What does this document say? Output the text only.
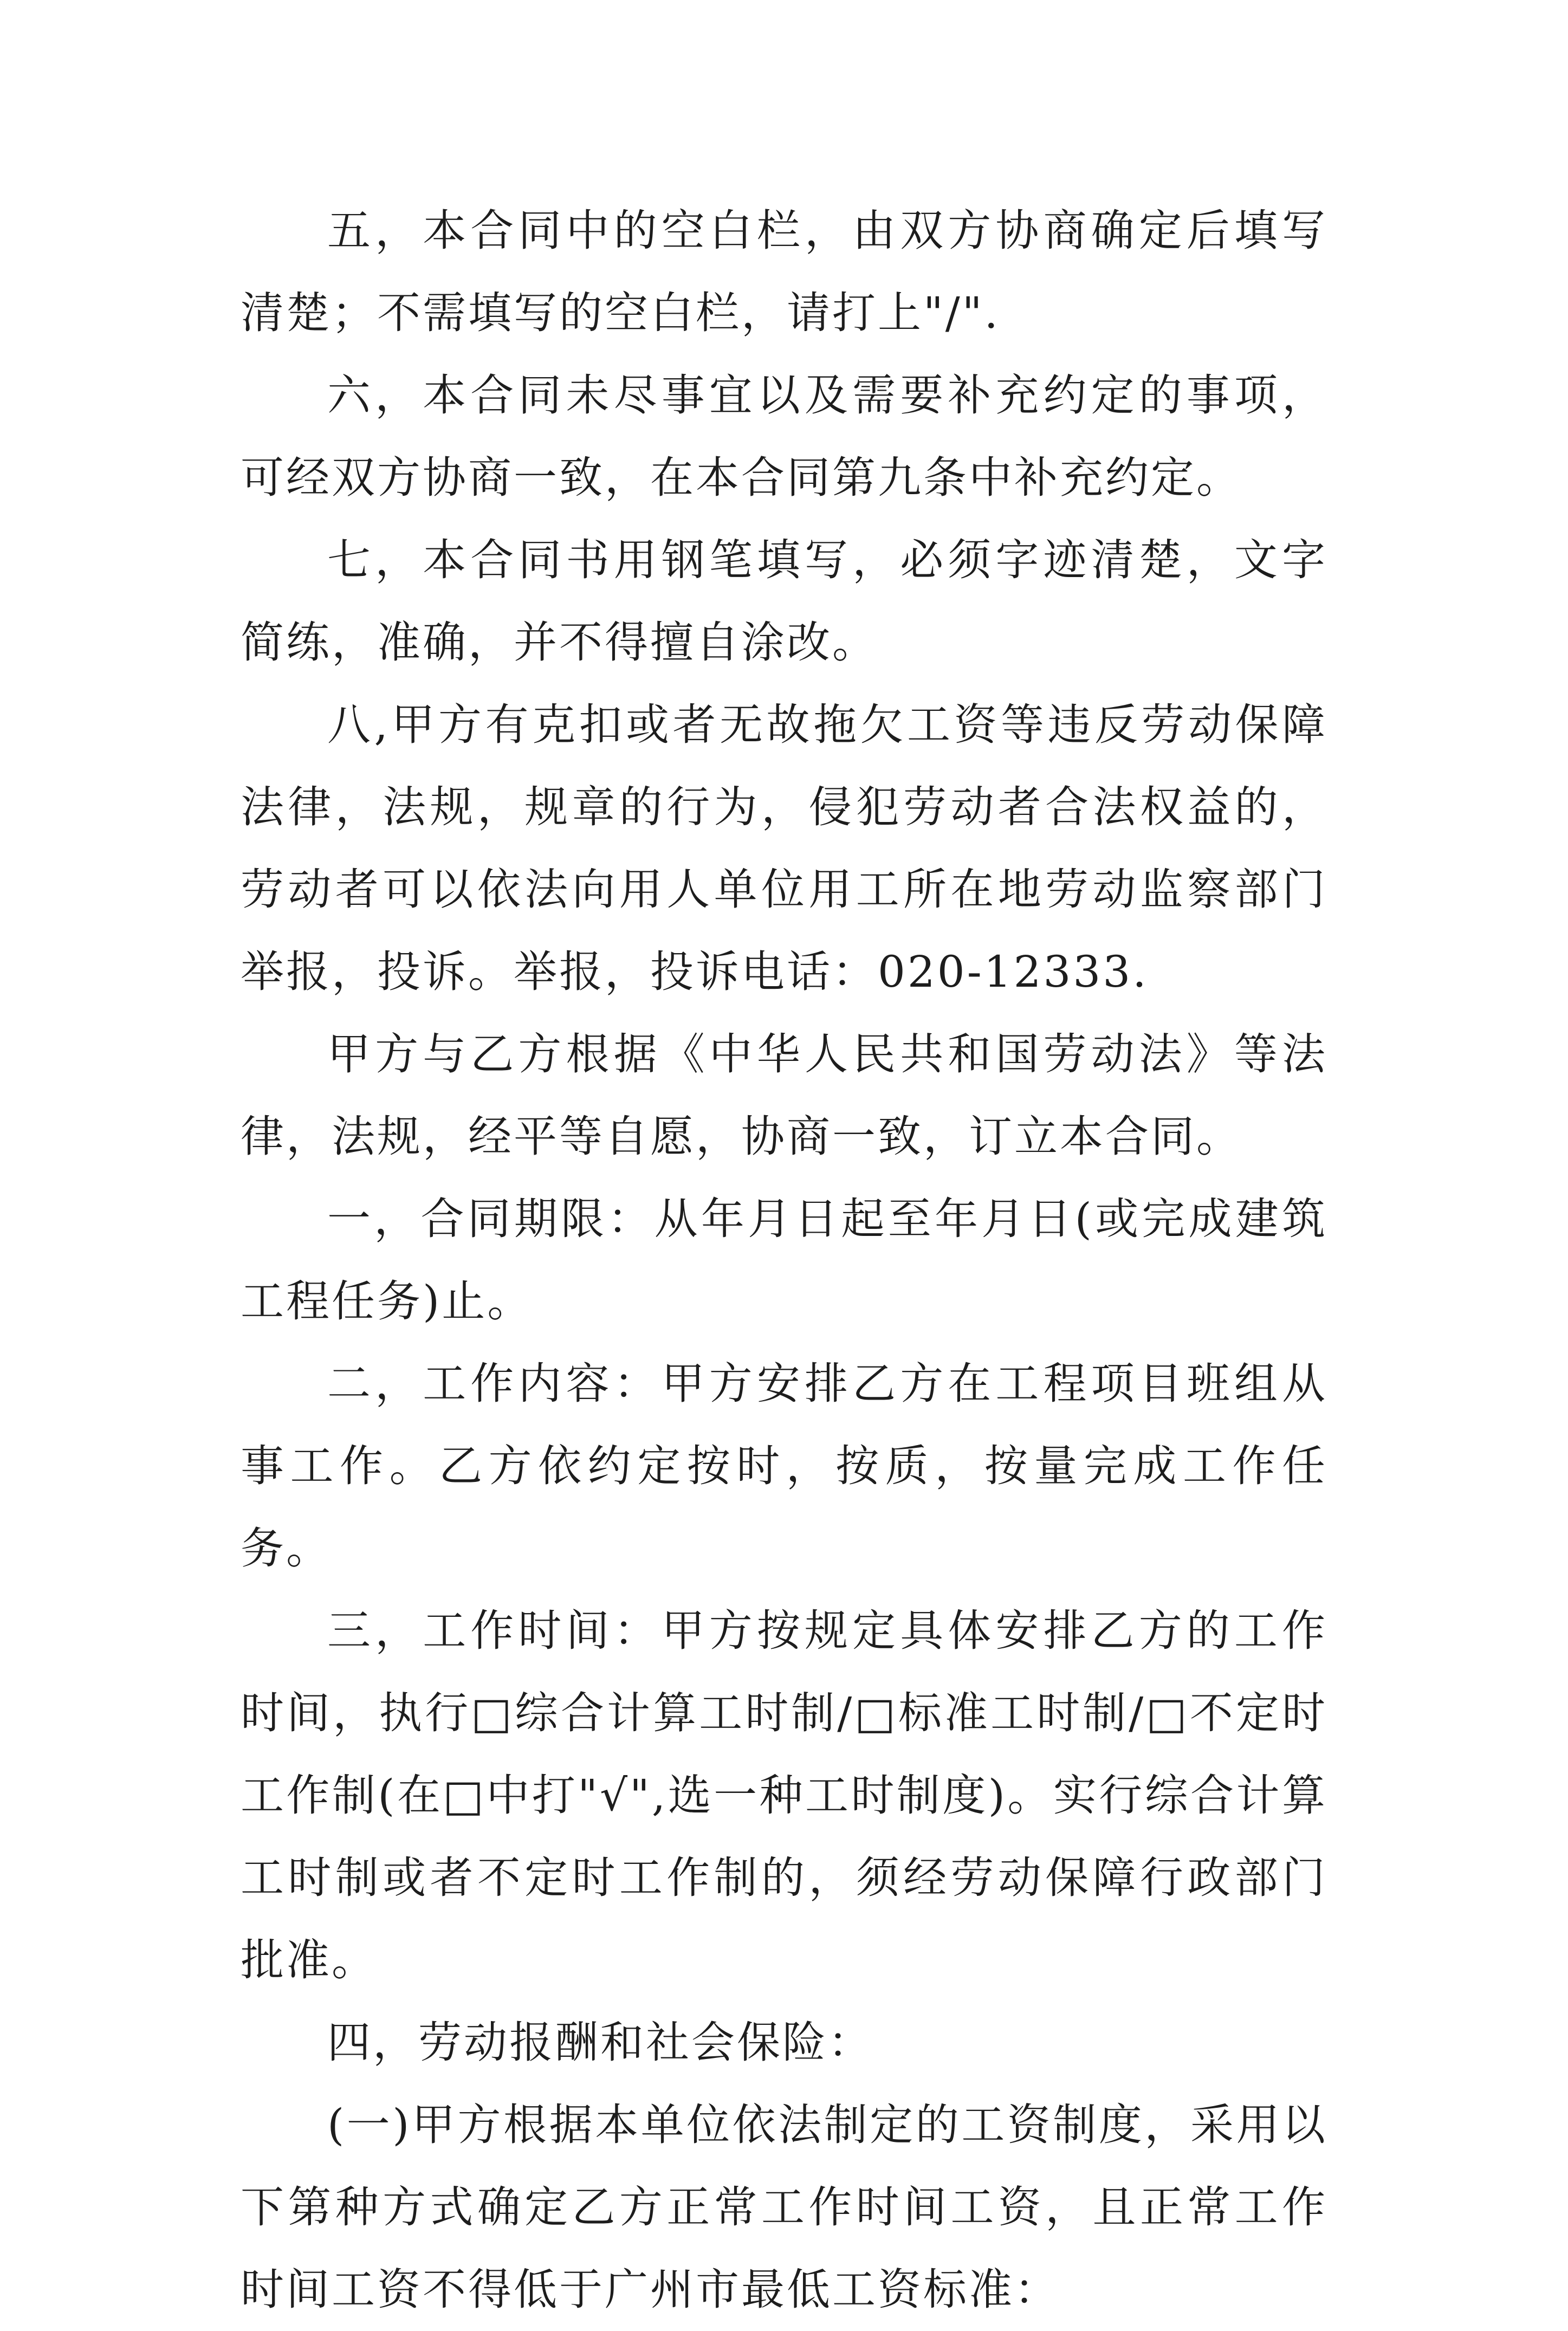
五，本合同中的空白栏，由双方协商确定后填写清楚；不需填写的空白栏，请打上"/".

六，本合同未尽事宜以及需要补充约定的事项，可经双方协商一致，在本合同第九条中补充约定。

七，本合同书用钢笔填写，必须字迹清楚，文字简练，准确，并不得擅自涂改。

八,甲方有克扣或者无故拖欠工资等违反劳动保障法律，法规，规章的行为，侵犯劳动者合法权益的，劳动者可以依法向用人单位用工所在地劳动监察部门举报，投诉。举报，投诉电话：020-12333.

甲方与乙方根据《中华人民共和国劳动法》等法律，法规，经平等自愿，协商一致，订立本合同。

一，合同期限：从年月日起至年月日(或完成建筑工程任务)止。

二，工作内容：甲方安排乙方在工程项目班组从事工作。乙方依约定按时，按质，按量完成工作任务。

三，工作时间：甲方按规定具体安排乙方的工作时间，执行□综合计算工时制/□标准工时制/□不定时工作制(在□中打"√",选一种工时制度)。实行综合计算工时制或者不定时工作制的，须经劳动保障行政部门批准。

四，劳动报酬和社会保险：

(一)甲方根据本单位依法制定的工资制度，采用以下第种方式确定乙方正常工作时间工资，且正常工作时间工资不得低于广州市最低工资标准：
